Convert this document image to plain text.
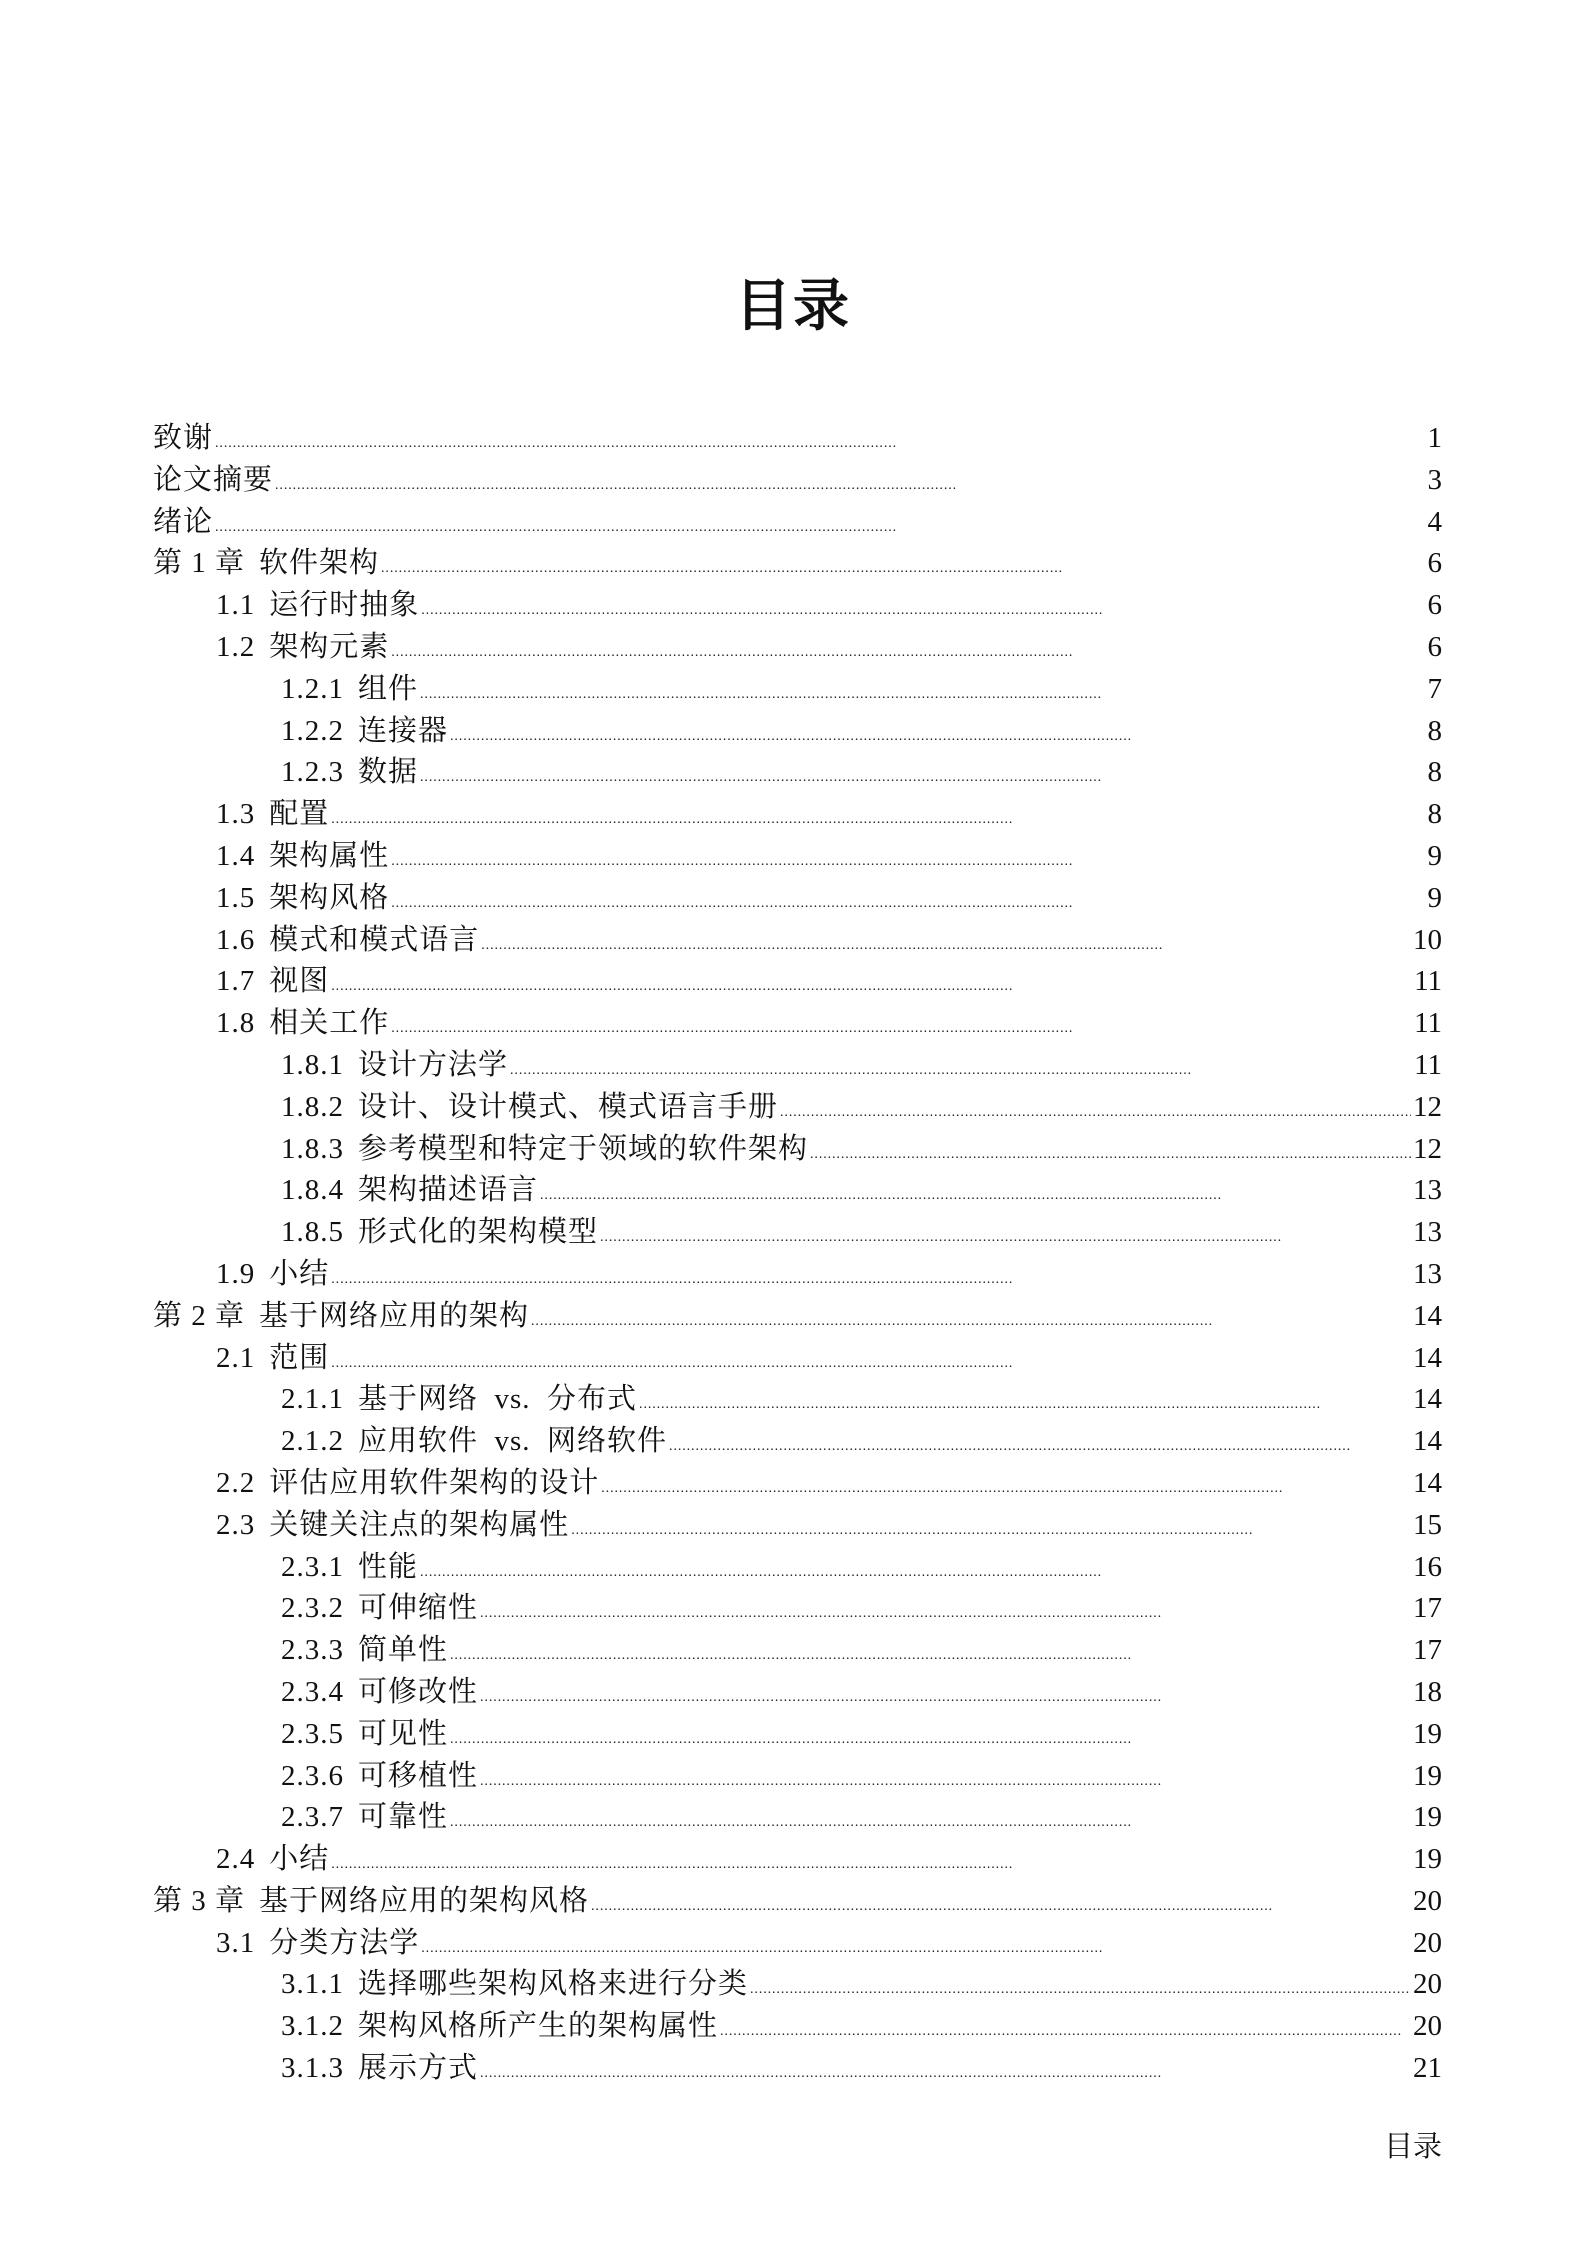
目录
致谢 . . .	1
论文摘要 . . .	3
绪论 . . .	4
第 1 章 软件架构 . . .	6
1.1 运行时抽象 . . .	6
1.2 架构元素 . . .	6
1.2.1 组件 . . .	7
1.2.2 连接器 . . .	8
1.2.3 数据 . . .	8
1.3 配置 . . .	8
1.4 架构属性 . . .	9
1.5 架构风格 . . .	9
1.6 模式和模式语言 . . .	10
1.7 视图 . . .	11
1.8 相关工作 . . .	11
1.8.1 设计方法学 . . .	11
1.8.2 设计、设计模式、模式语言手册 . . .	12
1.8.3 参考模型和特定于领域的软件架构 . . .	12
1.8.4 架构描述语言 . . .	13
1.8.5 形式化的架构模型 . . .	13
1.9 小结 . . .	13
第 2 章 基于网络应用的架构 . . .	14
2.1 范围 . . .	14
2.1.1 基于网络  vs.  分布式 . . .	14
2.1.2 应用软件  vs.  网络软件 . . .	14
2.2 评估应用软件架构的设计 . . .	14
2.3 关键关注点的架构属性 . . .	15
2.3.1 性能 . . .	16
2.3.2 可伸缩性 . . .	17
2.3.3 简单性 . . .	17
2.3.4 可修改性 . . .	18
2.3.5 可见性 . . .	19
2.3.6 可移植性 . . .	19
2.3.7 可靠性 . . .	19
2.4 小结 . . .	19
第 3 章 基于网络应用的架构风格 . . .	20
3.1 分类方法学 . . .	20
3.1.1 选择哪些架构风格来进行分类 . . .	20
3.1.2 架构风格所产生的架构属性 . . .	20
3.1.3 展示方式 . . .	21
目录
